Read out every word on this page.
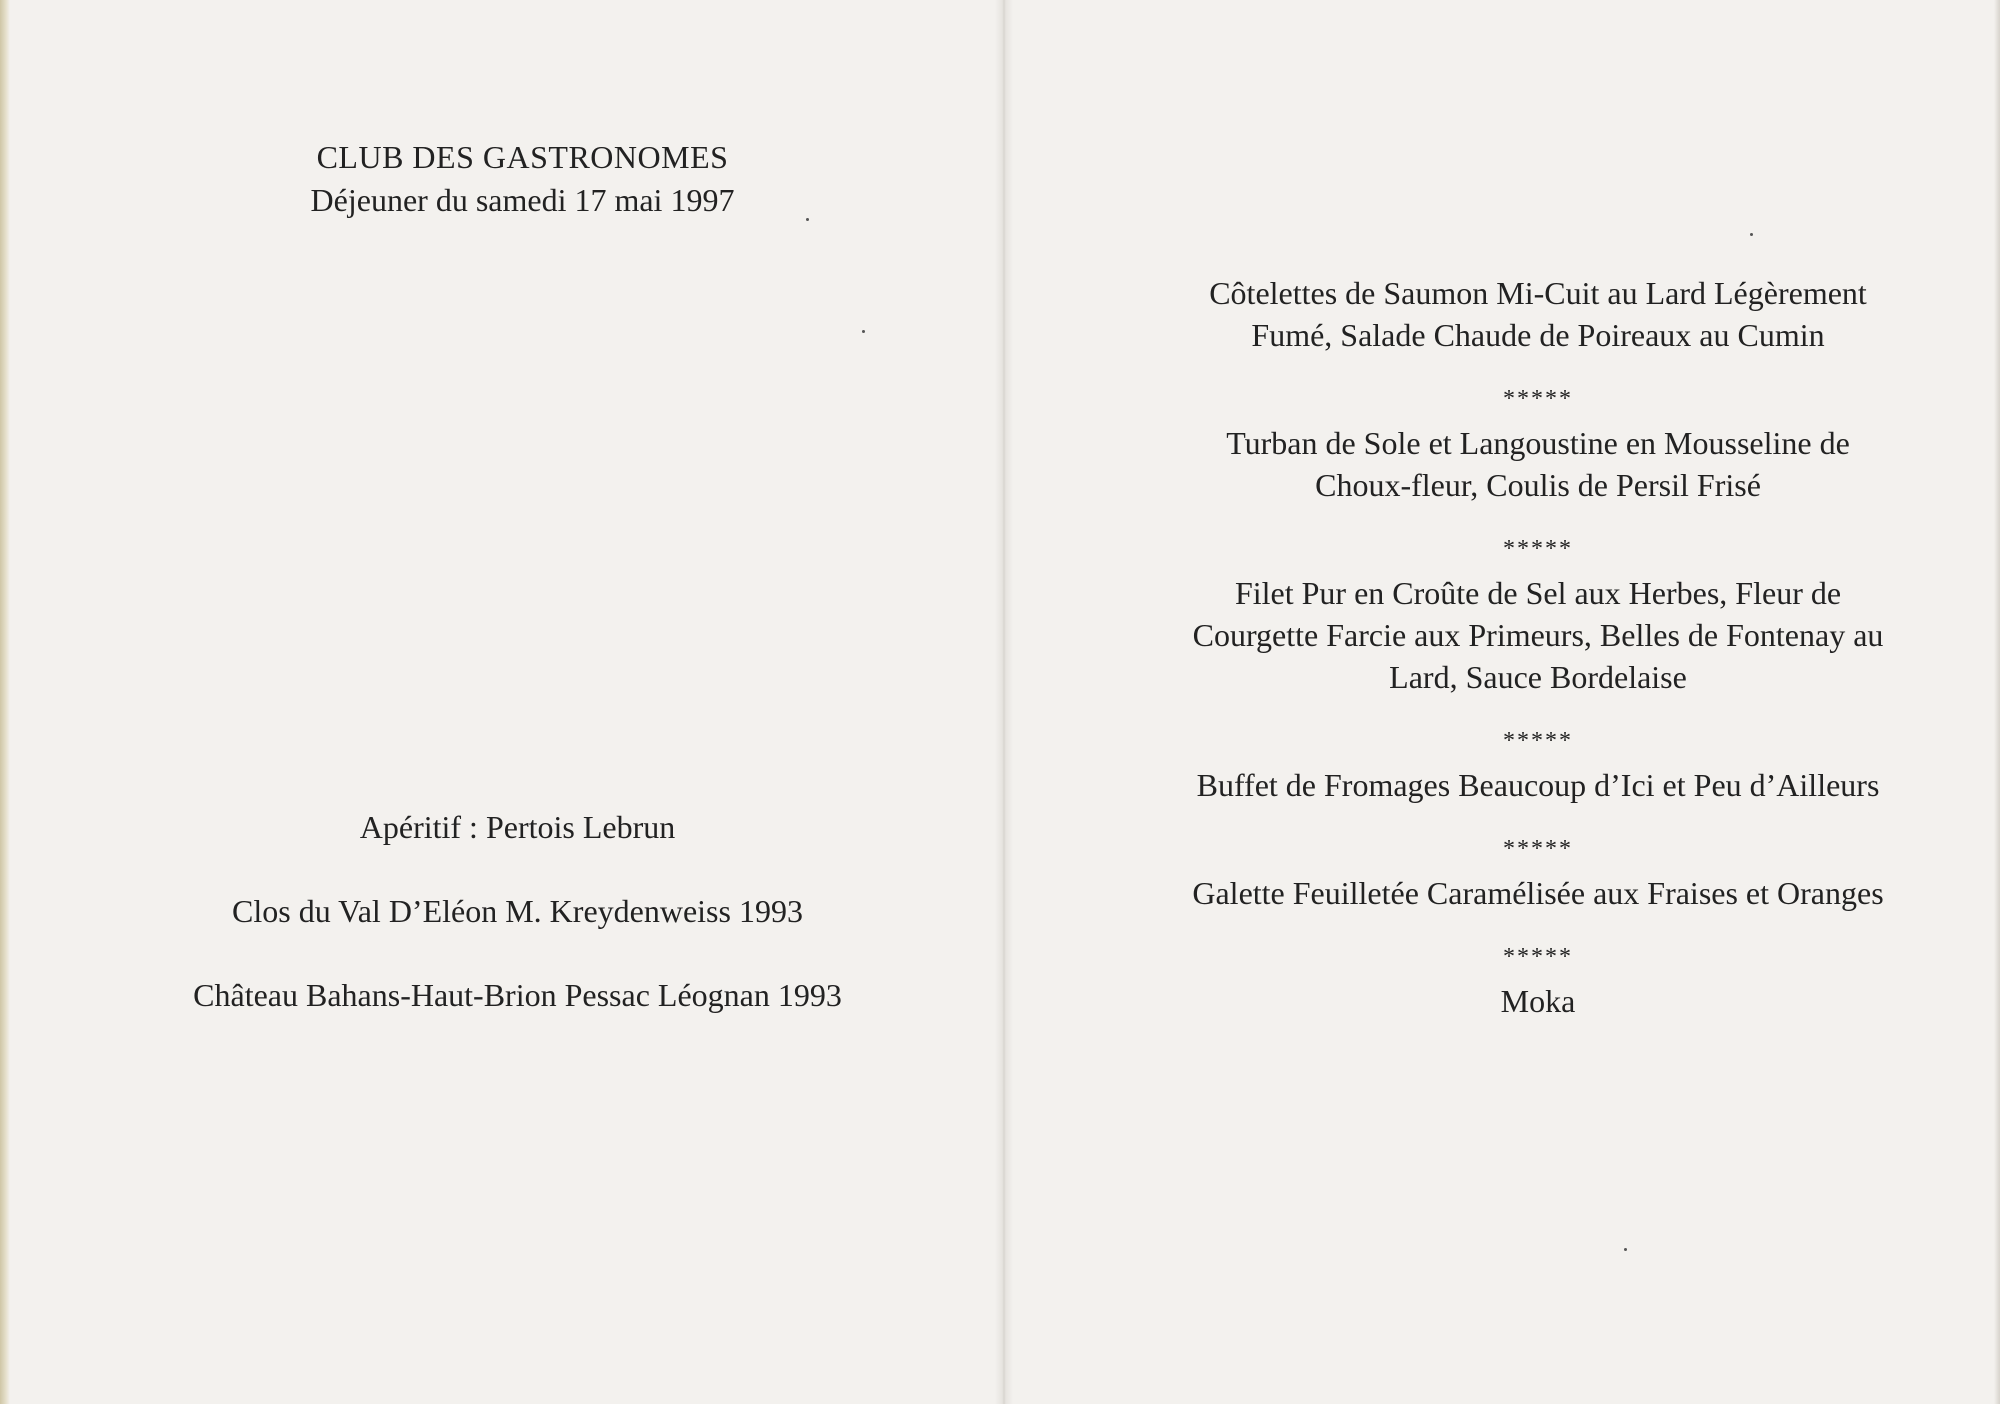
CLUB DES GASTRONOMES
Déjeuner du samedi 17 mai 1997
Apéritif : Pertois Lebrun
Clos du Val D’Eléon M. Kreydenweiss 1993
Château Bahans-Haut-Brion Pessac Léognan 1993
Côtelettes de Saumon Mi-Cuit au Lard Légèrement
Fumé, Salade Chaude de Poireaux au Cumin
*****
Turban de Sole et Langoustine en Mousseline de
Choux-fleur, Coulis de Persil Frisé
*****
Filet Pur en Croûte de Sel aux Herbes, Fleur de
Courgette Farcie aux Primeurs, Belles de Fontenay au
Lard, Sauce Bordelaise
*****
Buffet de Fromages Beaucoup d’Ici et Peu d’Ailleurs
*****
Galette Feuilletée Caramélisée aux Fraises et Oranges
*****
Moka
